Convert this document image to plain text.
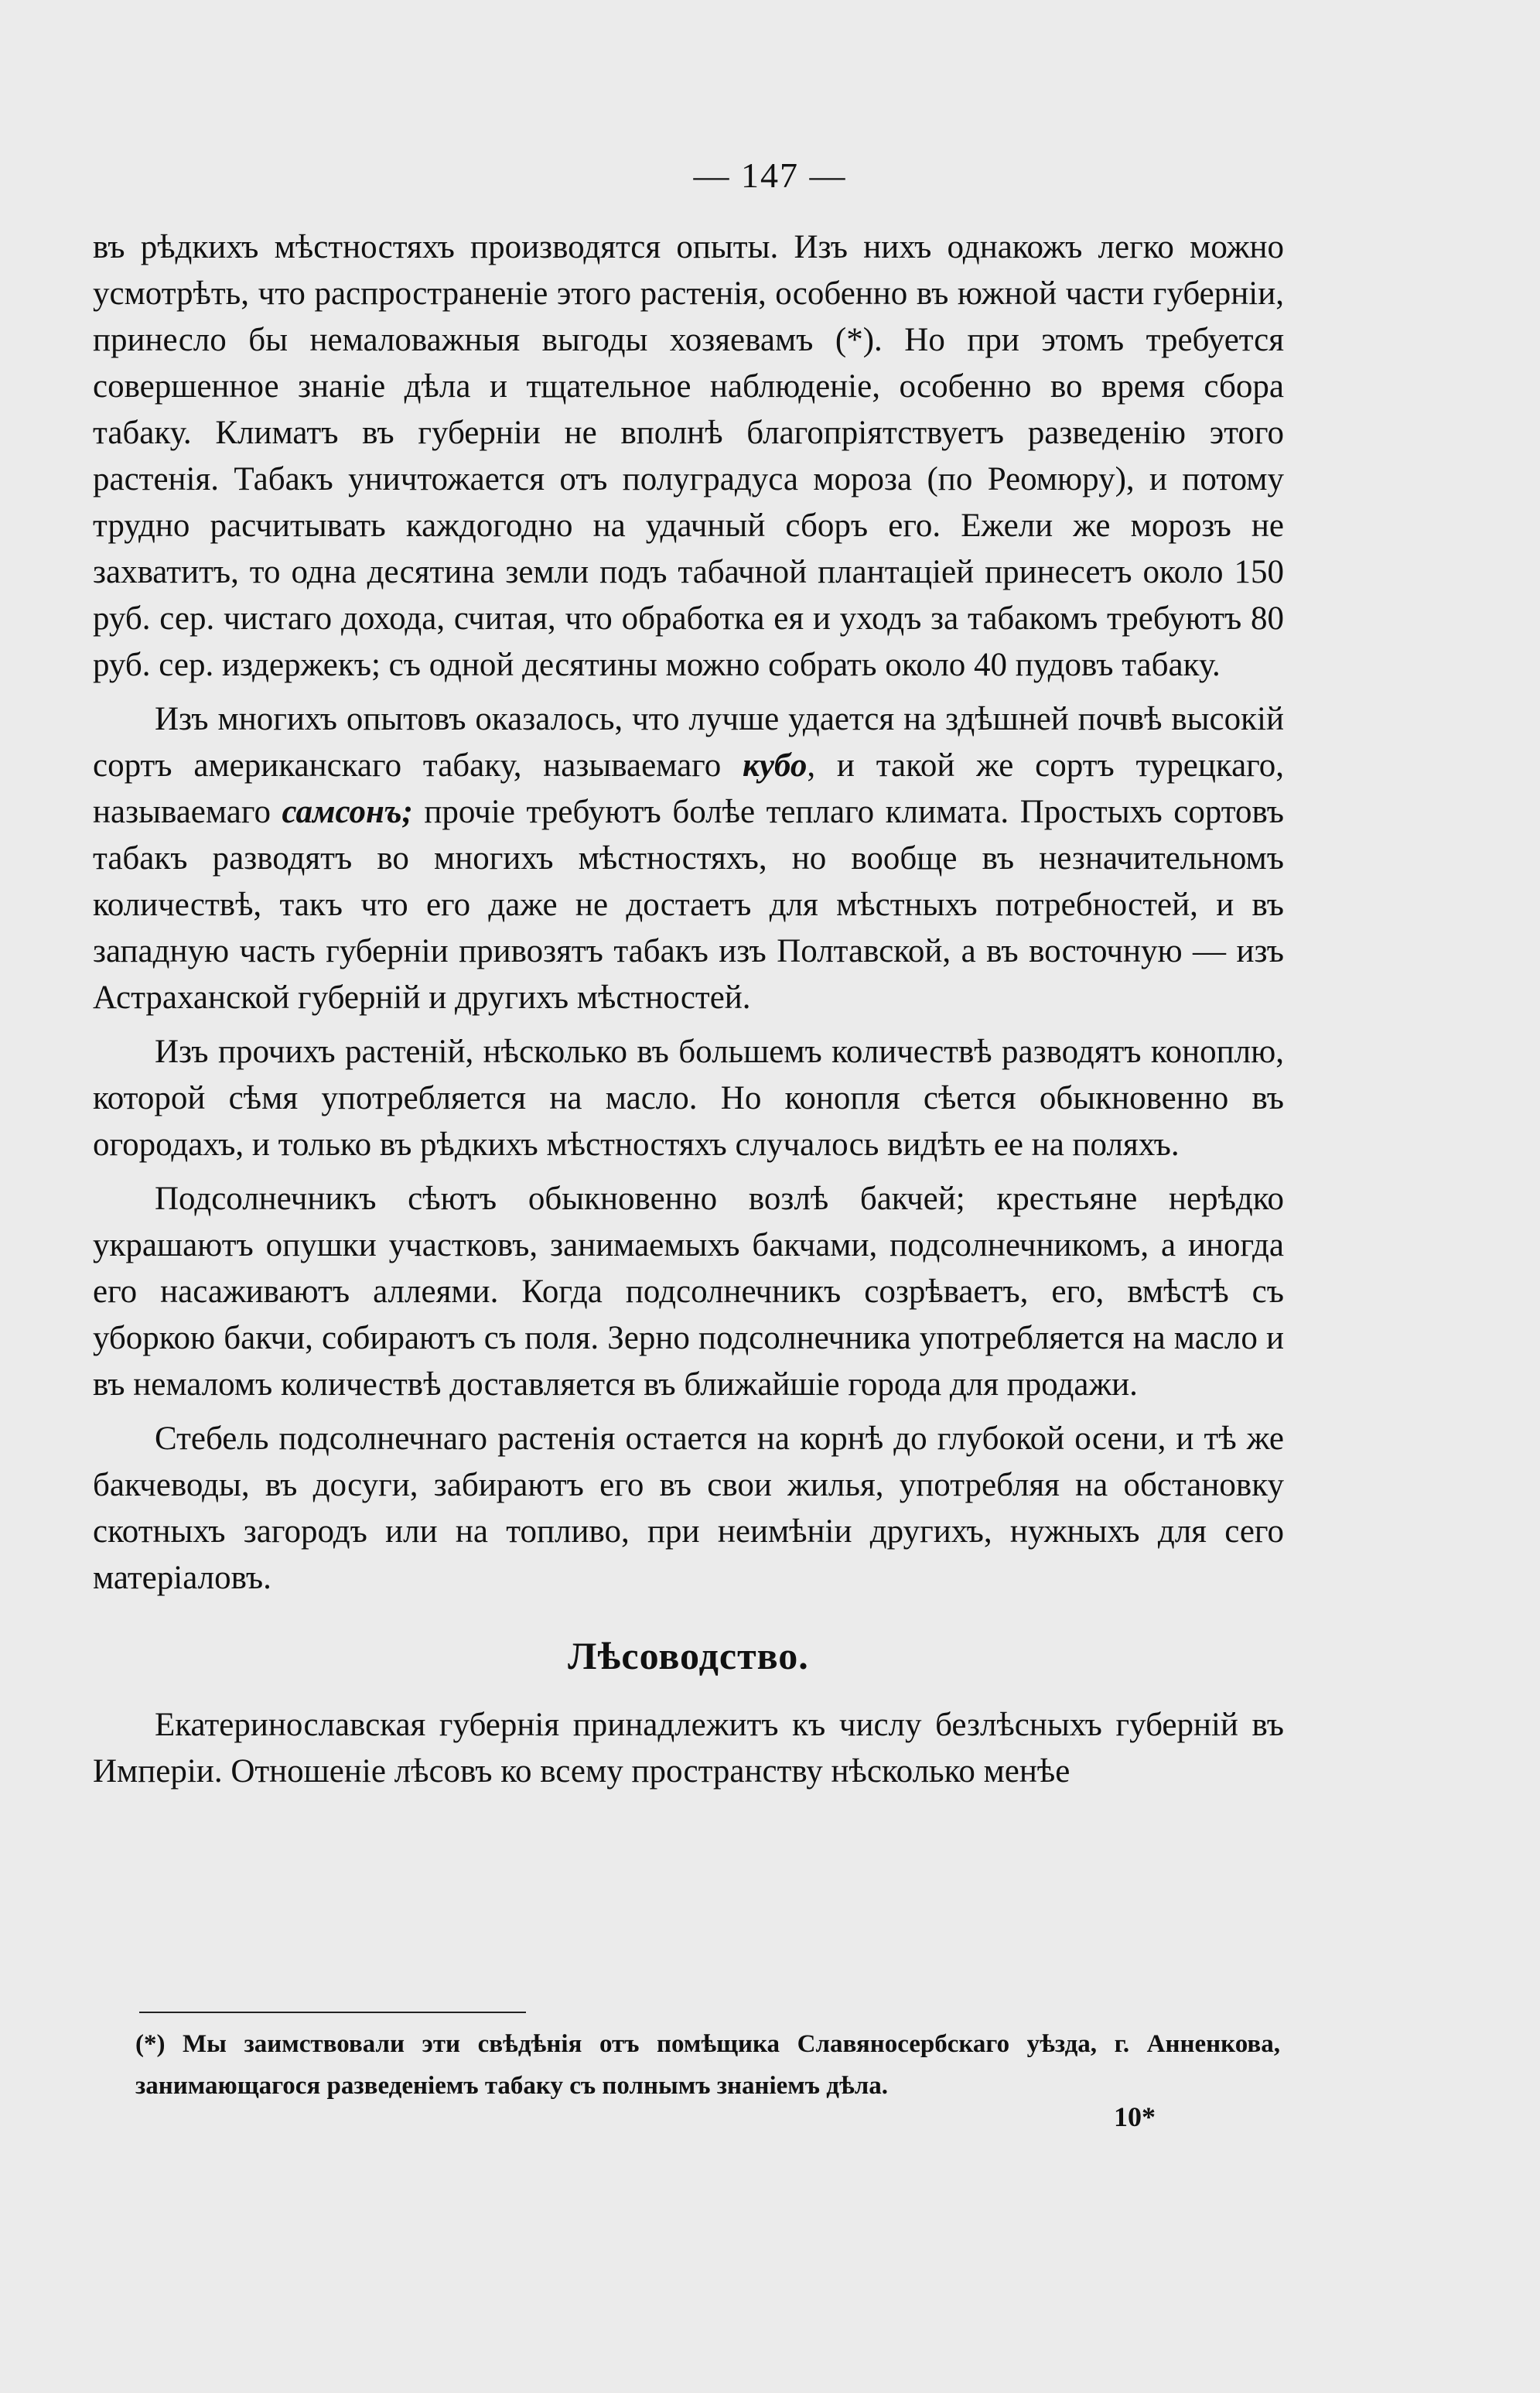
— 147 —

въ рѣдкихъ мѣстностяхъ производятся опыты. Изъ нихъ однакожъ легко можно усмотрѣть, что распространеніе этого растенія, особенно въ южной части губерніи, принесло бы немаловажныя выгоды хозяевамъ (*). Но при этомъ требуется совершенное знаніе дѣла и тщательное наблюденіе, особенно во время сбора табаку. Климатъ въ губерніи не вполнѣ благопріятствуетъ разведенію этого растенія. Табакъ уничтожается отъ полуградуса мороза (по Реомюру), и потому трудно расчитывать каждогодно на удачный сборъ его. Ежели же морозъ не захватитъ, то одна десятина земли подъ табачной плантаціей принесетъ около 150 руб. сер. чистаго дохода, считая, что обработка ея и уходъ за табакомъ требуютъ 80 руб. сер. издержекъ; съ одной десятины можно собрать около 40 пудовъ табаку.

Изъ многихъ опытовъ оказалось, что лучше удается на здѣшней почвѣ высокій сортъ американскаго табаку, называемаго кубо, и такой же сортъ турецкаго, называемаго самсонъ; прочіе требуютъ болѣе теплаго климата. Простыхъ сортовъ табакъ разводятъ во многихъ мѣстностяхъ, но вообще въ незначительномъ количествѣ, такъ что его даже не достаетъ для мѣстныхъ потребностей, и въ западную часть губерніи привозятъ табакъ изъ Полтавской, а въ восточную — изъ Астраханской губерній и другихъ мѣстностей.

Изъ прочихъ растеній, нѣсколько въ большемъ количествѣ разводятъ коноплю, которой сѣмя употребляется на масло. Но конопля сѣется обыкновенно въ огородахъ, и только въ рѣдкихъ мѣстностяхъ случалось видѣть ее на поляхъ.

Подсолнечникъ сѣютъ обыкновенно возлѣ бакчей; крестьяне нерѣдко украшаютъ опушки участковъ, занимаемыхъ бакчами, подсолнечникомъ, а иногда его насаживаютъ аллеями. Когда подсолнечникъ созрѣваетъ, его, вмѣстѣ съ уборкою бакчи, собираютъ съ поля. Зерно подсолнечника употребляется на масло и въ немаломъ количествѣ доставляется въ ближайшіе города для продажи.

Стебель подсолнечнаго растенія остается на корнѣ до глубокой осени, и тѣ же бакчеводы, въ досуги, забираютъ его въ свои жилья, употребляя на обстановку скотныхъ загородъ или на топливо, при неимѣніи другихъ, нужныхъ для сего матеріаловъ.

Лѣсоводство.

Екатеринославская губернія принадлежитъ къ числу безлѣсныхъ губерній въ Имперіи. Отношеніе лѣсовъ ко всему пространству нѣсколько менѣе

(*) Мы заимствовали эти свѣдѣнія отъ помѣщика Славяносербскаго уѣзда, г. Анненкова, занимающагося разведеніемъ табаку съ полнымъ знаніемъ дѣла.
10*
